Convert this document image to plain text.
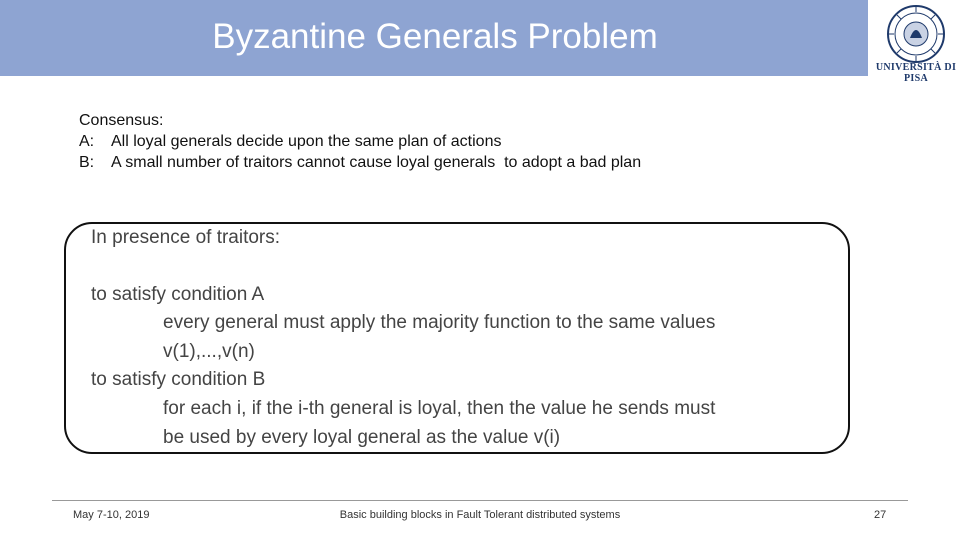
Byzantine Generals Problem
UNIVERSITÀ DI PISA
Consensus:
A: All loyal generals decide upon the same plan of actions
B: A small number of traitors cannot cause loyal generals  to adopt a bad plan
In presence of traitors:
to satisfy condition A
every general must apply the majority function to the same values
v(1),...,v(n)
to satisfy condition B
for each i, if the i-th general is loyal, then the value he sends must
be used by every loyal general as the value v(i)
May 7-10, 2019	Basic building blocks in Fault Tolerant distributed systems	27
